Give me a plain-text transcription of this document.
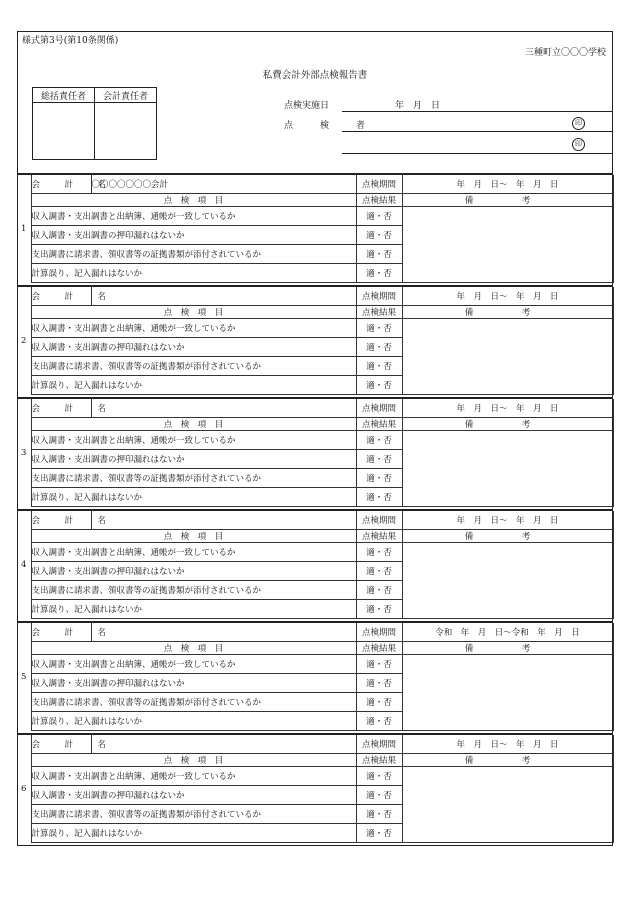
様式第3号(第10条関係)
三種町立〇〇〇学校
私費会計外部点検報告書
総括責任者	会計責任者

点検実施日	年　月　日
点　検　者	印
印
1	会　計　名	〇〇〇〇〇〇〇会計	点検期間	年　月　日〜　年　月　日
	点　検　項　目		点検結果	備　考
	収入調書・支出調書と出納簿、通帳が一致しているか		適・否	
	収入調書・支出調書の押印漏れはないか		適・否	
	支出調書に請求書、領収書等の証拠書類が添付されているか		適・否	
	計算誤り、記入漏れはないか		適・否	
2	会　計　名		点検期間	年　月　日〜　年　月　日
	点　検　項　目		点検結果	備　考
	収入調書・支出調書と出納簿、通帳が一致しているか		適・否	
	収入調書・支出調書の押印漏れはないか		適・否	
	支出調書に請求書、領収書等の証拠書類が添付されているか		適・否	
	計算誤り、記入漏れはないか		適・否	
3	会　計　名		点検期間	年　月　日〜　年　月　日
	点　検　項　目		点検結果	備　考
	収入調書・支出調書と出納簿、通帳が一致しているか		適・否	
	収入調書・支出調書の押印漏れはないか		適・否	
	支出調書に請求書、領収書等の証拠書類が添付されているか		適・否	
	計算誤り、記入漏れはないか		適・否	
4	会　計　名		点検期間	年　月　日〜　年　月　日
	点　検　項　目		点検結果	備　考
	収入調書・支出調書と出納簿、通帳が一致しているか		適・否	
	収入調書・支出調書の押印漏れはないか		適・否	
	支出調書に請求書、領収書等の証拠書類が添付されているか		適・否	
	計算誤り、記入漏れはないか		適・否	
5	会　計　名		点検期間	令和　年　月　日〜令和　年　月　日
	点　検　項　目		点検結果	備　考
	収入調書・支出調書と出納簿、通帳が一致しているか		適・否	
	収入調書・支出調書の押印漏れはないか		適・否	
	支出調書に請求書、領収書等の証拠書類が添付されているか		適・否	
	計算誤り、記入漏れはないか		適・否	
6	会　計　名		点検期間	年　月　日〜　年　月　日
	点　検　項　目		点検結果	備　考
	収入調書・支出調書と出納簿、通帳が一致しているか		適・否	
	収入調書・支出調書の押印漏れはないか		適・否	
	支出調書に請求書、領収書等の証拠書類が添付されているか		適・否	
	計算誤り、記入漏れはないか		適・否	
